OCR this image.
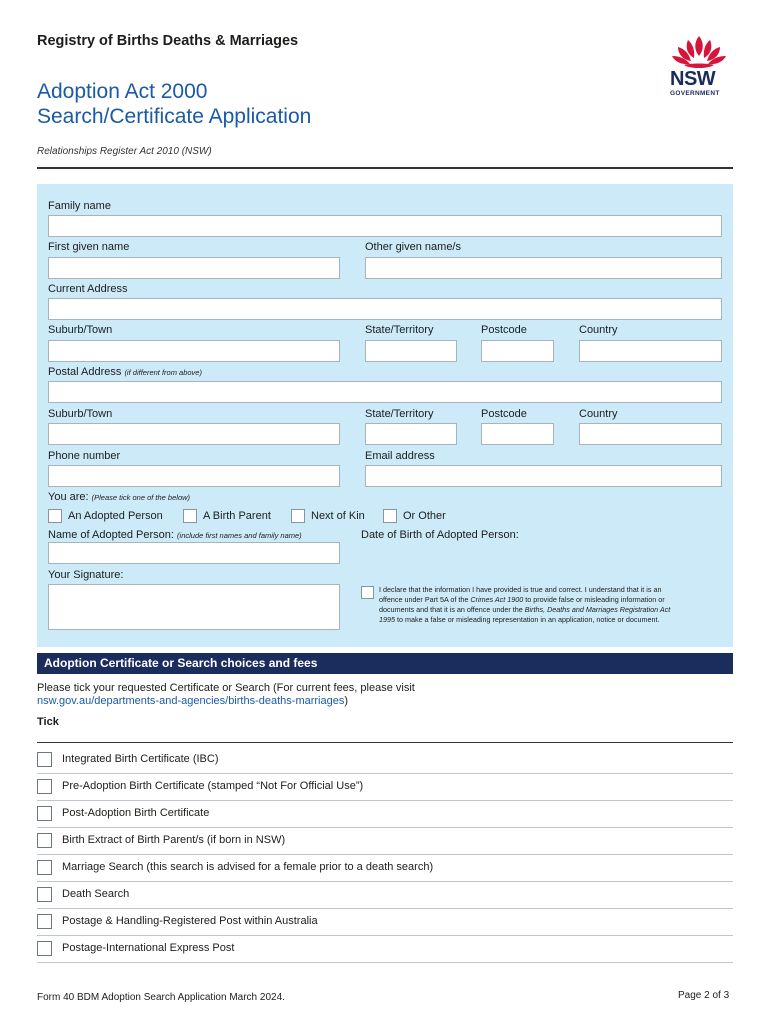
Registry of Births Deaths & Marriages
Adoption Act 2000
Search/Certificate Application
Relationships Register Act 2010 (NSW)
NSW
GOVERNMENT
Family name
First given name	Other given name/s
Current Address
Suburb/Town	State/Territory	Postcode	Country
Postal Address (if different from above)
Suburb/Town	State/Territory	Postcode	Country
Phone number	Email address
You are: (Please tick one of the below)
An Adopted Person	A Birth Parent	Next of Kin	Or Other
Name of Adopted Person: (include first names and family name)	Date of Birth of Adopted Person:
Your Signature:
I declare that the information I have provided is true and correct. I understand that it is an
offence under Part 5A of the Crimes Act 1900 to provide false or misleading information or
documents and that it is an offence under the Births, Deaths and Marriages Registration Act
1995 to make a false or misleading representation in an application, notice or document.
Adoption Certificate or Search choices and fees
Please tick your requested Certificate or Search (For current fees, please visit
nsw.gov.au/departments-and-agencies/births-deaths-marriages)
Tick
Integrated Birth Certificate (IBC)
Pre-Adoption Birth Certificate (stamped “Not For Official Use”)
Post-Adoption Birth Certificate
Birth Extract of Birth Parent/s (if born in NSW)
Marriage Search (this search is advised for a female prior to a death search)
Death Search
Postage & Handling-Registered Post within Australia
Postage-International Express Post
Form 40 BDM Adoption Search Application March 2024.	Page 2 of 3
